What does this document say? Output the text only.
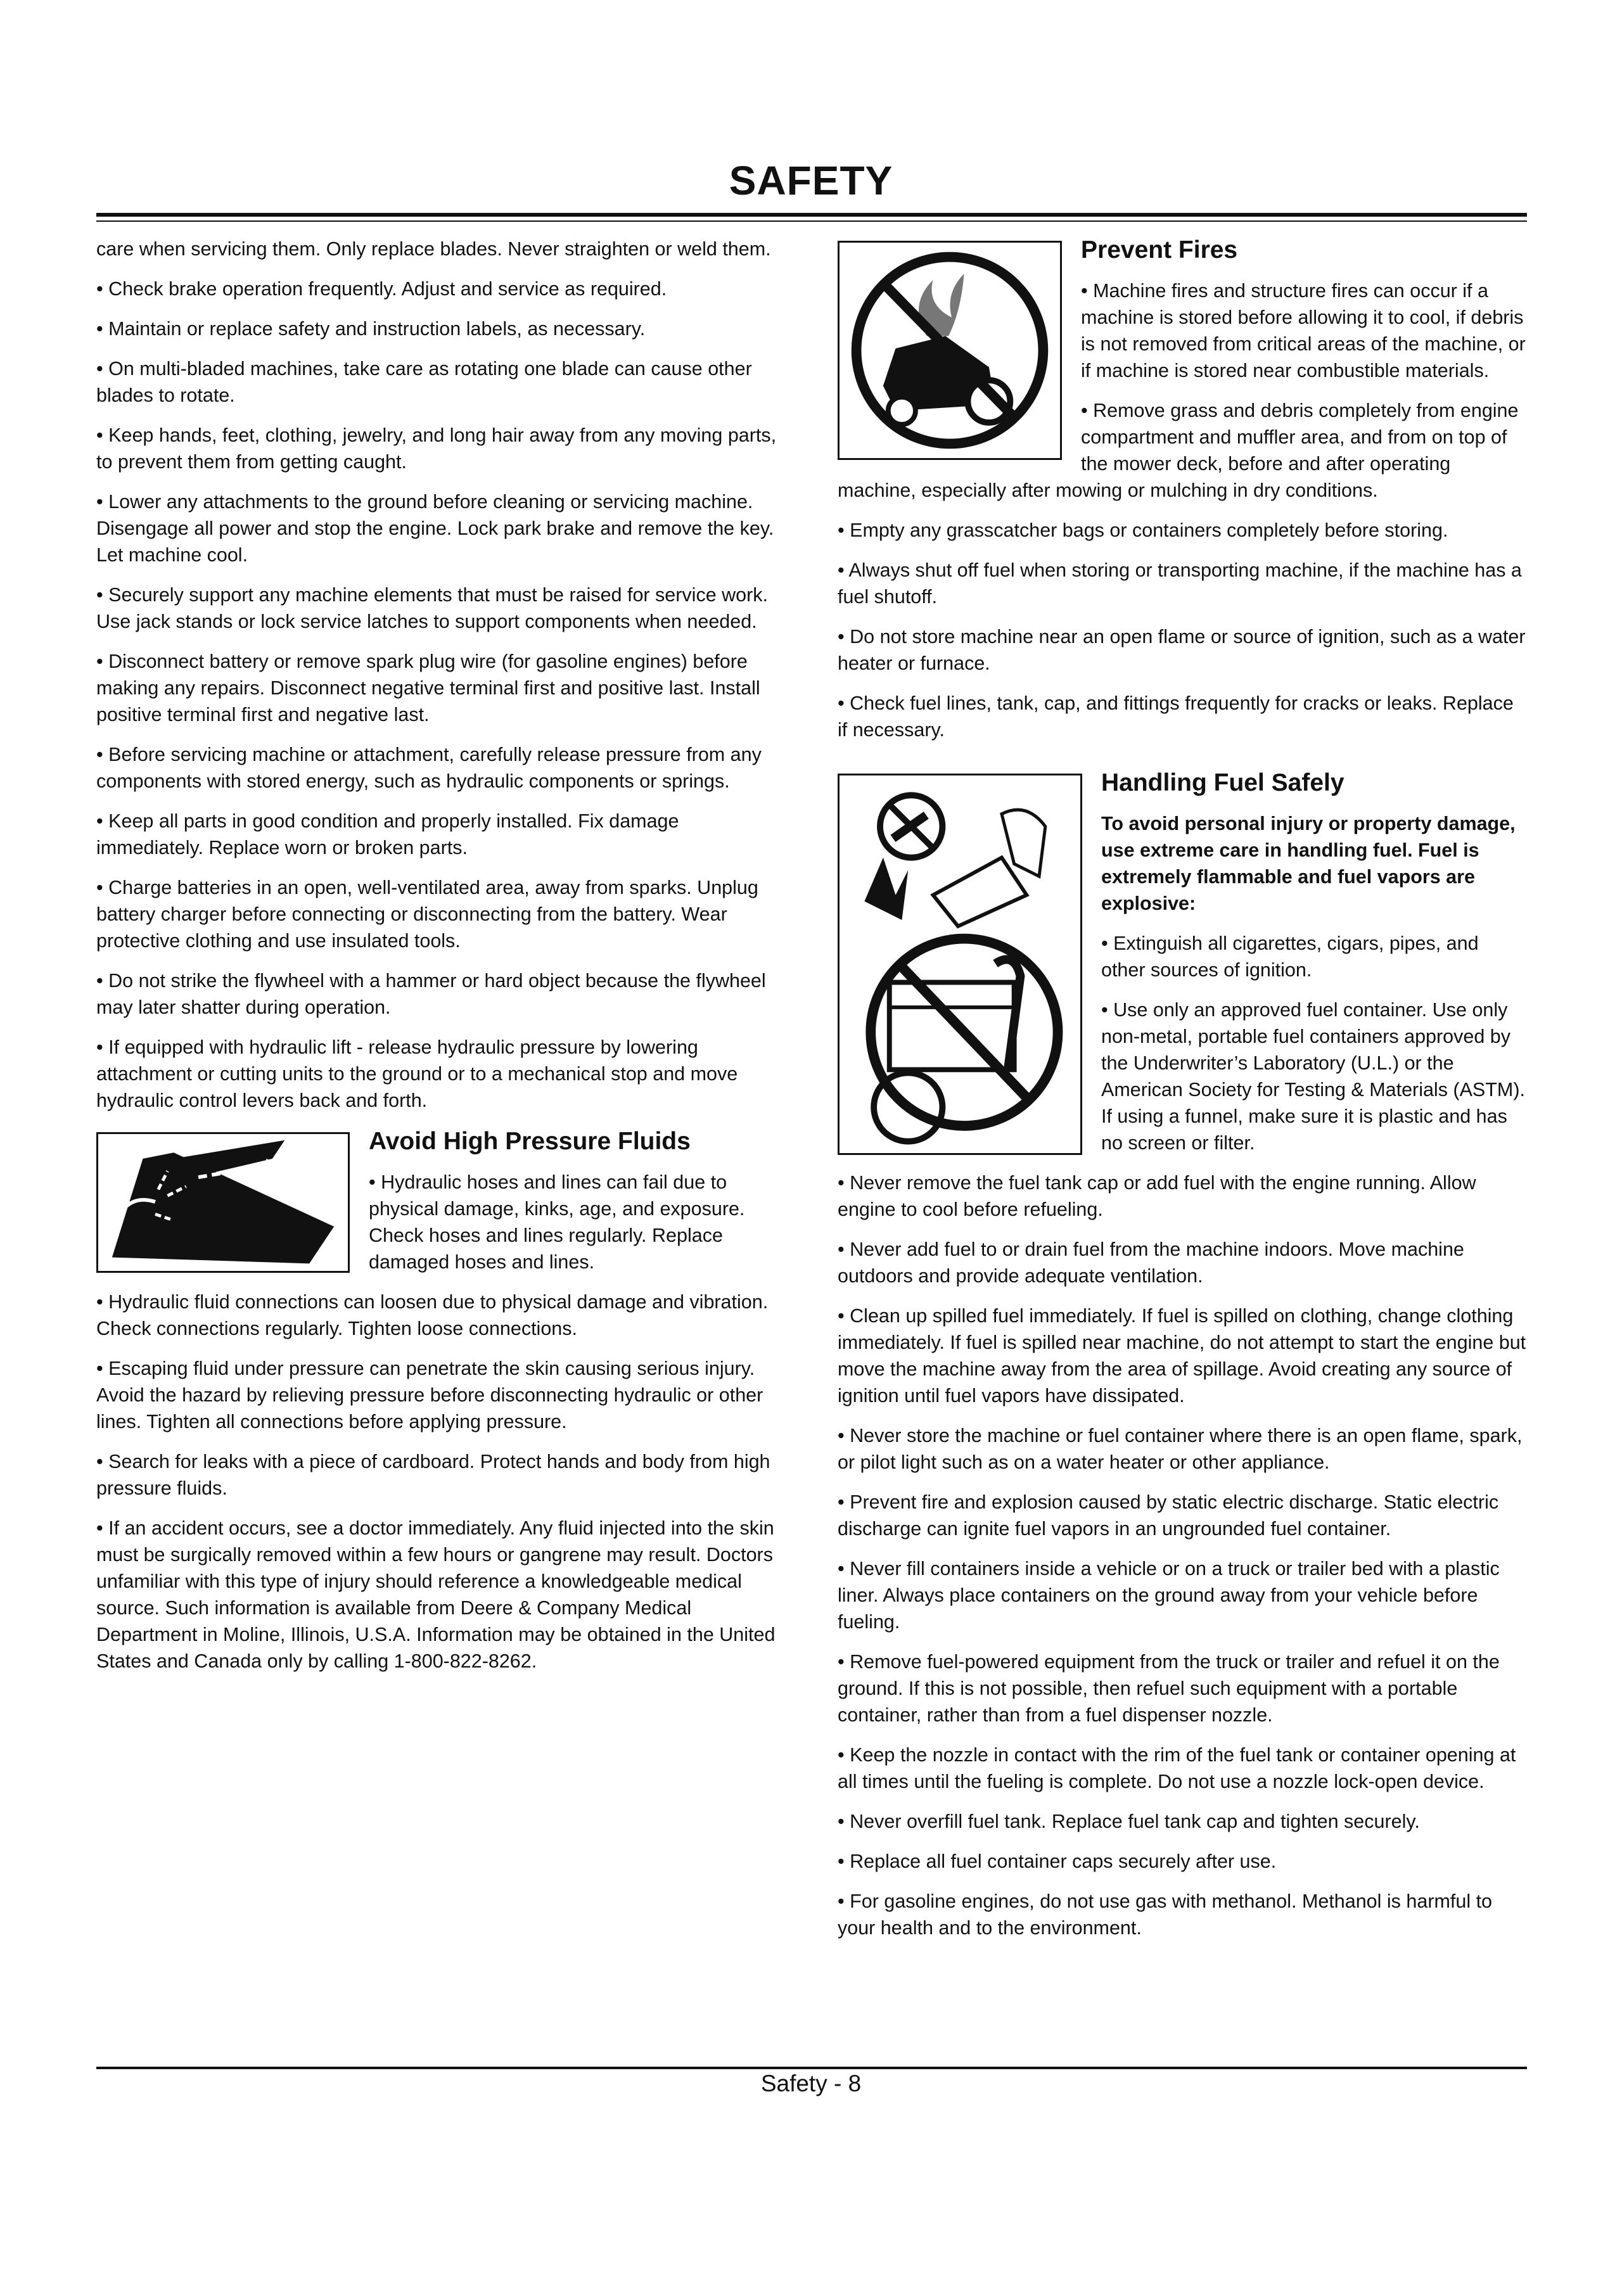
SAFETY

care when servicing them. Only replace blades. Never straighten or weld them.

• Check brake operation frequently. Adjust and service as required.

• Maintain or replace safety and instruction labels, as necessary.

• On multi-bladed machines, take care as rotating one blade can cause other blades to rotate.

• Keep hands, feet, clothing, jewelry, and long hair away from any moving parts, to prevent them from getting caught.

• Lower any attachments to the ground before cleaning or servicing machine. Disengage all power and stop the engine. Lock park brake and remove the key. Let machine cool.

• Securely support any machine elements that must be raised for service work. Use jack stands or lock service latches to support components when needed.

• Disconnect battery or remove spark plug wire (for gasoline engines) before making any repairs. Disconnect negative terminal first and positive last. Install positive terminal first and negative last.

• Before servicing machine or attachment, carefully release pressure from any components with stored energy, such as hydraulic components or springs.

• Keep all parts in good condition and properly installed. Fix damage immediately. Replace worn or broken parts.

• Charge batteries in an open, well-ventilated area, away from sparks. Unplug battery charger before connecting or disconnecting from the battery. Wear protective clothing and use insulated tools.

• Do not strike the flywheel with a hammer or hard object because the flywheel may later shatter during operation.

• If equipped with hydraulic lift - release hydraulic pressure by lowering attachment or cutting units to the ground or to a mechanical stop and move hydraulic control levers back and forth.

Avoid High Pressure Fluids

• Hydraulic hoses and lines can fail due to physical damage, kinks, age, and exposure. Check hoses and lines regularly. Replace damaged hoses and lines.

• Hydraulic fluid connections can loosen due to physical damage and vibration. Check connections regularly. Tighten loose connections.

• Escaping fluid under pressure can penetrate the skin causing serious injury. Avoid the hazard by relieving pressure before disconnecting hydraulic or other lines. Tighten all connections before applying pressure.

• Search for leaks with a piece of cardboard. Protect hands and body from high pressure fluids.

• If an accident occurs, see a doctor immediately. Any fluid injected into the skin must be surgically removed within a few hours or gangrene may result. Doctors unfamiliar with this type of injury should reference a knowledgeable medical source. Such information is available from Deere & Company Medical Department in Moline, Illinois, U.S.A. Information may be obtained in the United States and Canada only by calling 1-800-822-8262.

Prevent Fires

• Machine fires and structure fires can occur if a machine is stored before allowing it to cool, if debris is not removed from critical areas of the machine, or if machine is stored near combustible materials.

• Remove grass and debris completely from engine compartment and muffler area, and from on top of the mower deck, before and after operating machine, especially after mowing or mulching in dry conditions.

• Empty any grasscatcher bags or containers completely before storing.

• Always shut off fuel when storing or transporting machine, if the machine has a fuel shutoff.

• Do not store machine near an open flame or source of ignition, such as a water heater or furnace.

• Check fuel lines, tank, cap, and fittings frequently for cracks or leaks. Replace if necessary.

Handling Fuel Safely

To avoid personal injury or property damage, use extreme care in handling fuel. Fuel is extremely flammable and fuel vapors are explosive:

• Extinguish all cigarettes, cigars, pipes, and other sources of ignition.

• Use only an approved fuel container. Use only non-metal, portable fuel containers approved by the Underwriter’s Laboratory (U.L.) or the American Society for Testing & Materials (ASTM). If using a funnel, make sure it is plastic and has no screen or filter.

• Never remove the fuel tank cap or add fuel with the engine running. Allow engine to cool before refueling.

• Never add fuel to or drain fuel from the machine indoors. Move machine outdoors and provide adequate ventilation.

• Clean up spilled fuel immediately. If fuel is spilled on clothing, change clothing immediately. If fuel is spilled near machine, do not attempt to start the engine but move the machine away from the area of spillage. Avoid creating any source of ignition until fuel vapors have dissipated.

• Never store the machine or fuel container where there is an open flame, spark, or pilot light such as on a water heater or other appliance.

• Prevent fire and explosion caused by static electric discharge. Static electric discharge can ignite fuel vapors in an ungrounded fuel container.

• Never fill containers inside a vehicle or on a truck or trailer bed with a plastic liner. Always place containers on the ground away from your vehicle before fueling.

• Remove fuel-powered equipment from the truck or trailer and refuel it on the ground. If this is not possible, then refuel such equipment with a portable container, rather than from a fuel dispenser nozzle.

• Keep the nozzle in contact with the rim of the fuel tank or container opening at all times until the fueling is complete. Do not use a nozzle lock-open device.

• Never overfill fuel tank. Replace fuel tank cap and tighten securely.

• Replace all fuel container caps securely after use.

• For gasoline engines, do not use gas with methanol. Methanol is harmful to your health and to the environment.

Safety - 8
